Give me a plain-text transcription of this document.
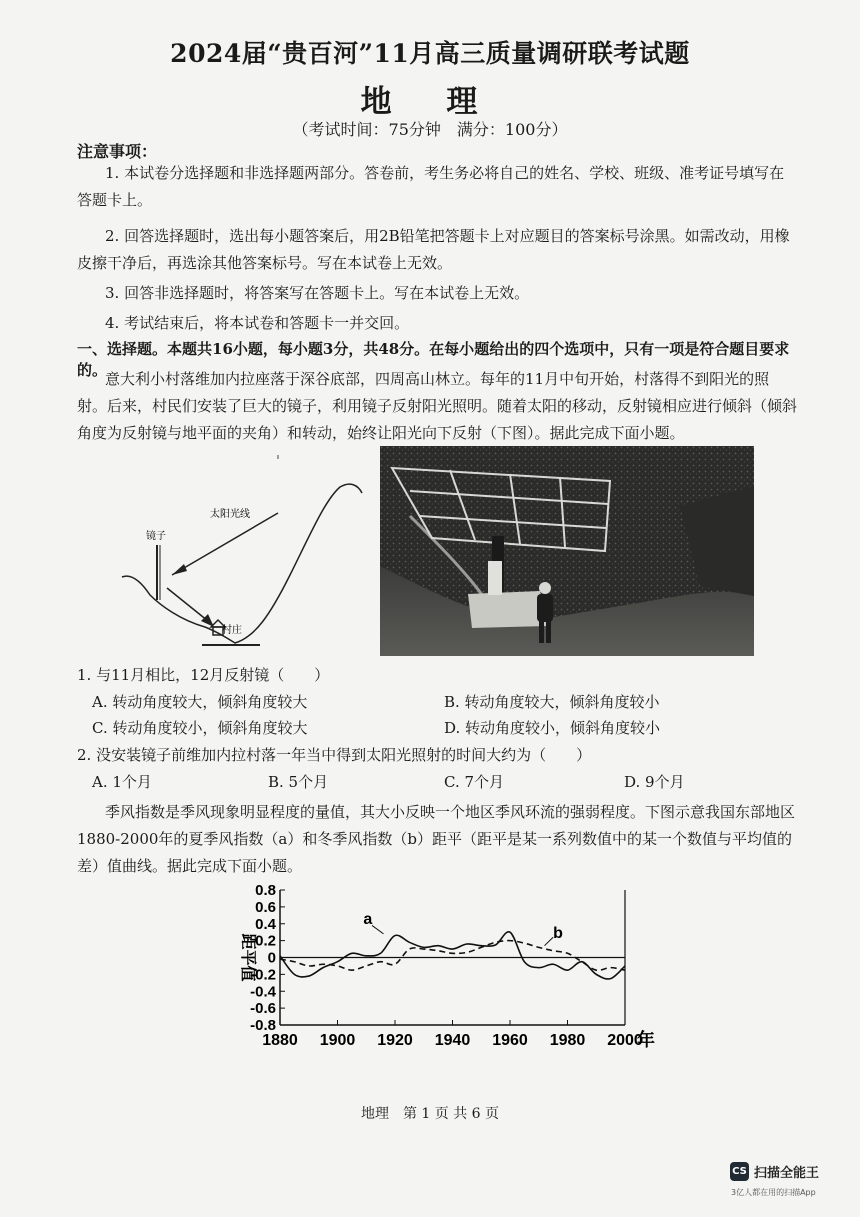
2024届“贵百河”11月高三质量调研联考试题
地 理
（考试时间：75分钟　满分：100分）
注意事项：
1. 本试卷分选择题和非选择题两部分。答卷前，考生务必将自己的姓名、学校、班级、准考证号填写在答题卡上。
2. 回答选择题时，选出每小题答案后，用2B铅笔把答题卡上对应题目的答案标号涂黑。如需改动，用橡皮擦干净后，再选涂其他答案标号。写在本试卷上无效。
3. 回答非选择题时，将答案写在答题卡上。写在本试卷上无效。
4. 考试结束后，将本试卷和答题卡一并交回。
一、选择题。本题共16小题，每小题3分，共48分。在每小题给出的四个选项中，只有一项是符合题目要求的。
意大利小村落维加内拉座落于深谷底部，四周高山林立。每年的11月中旬开始，村落得不到阳光的照射。后来，村民们安装了巨大的镜子，利用镜子反射阳光照明。随着太阳的移动，反射镜相应进行倾斜（倾斜角度为反射镜与地平面的夹角）和转动，始终让阳光向下反射（下图）。据此完成下面小题。
太阳光线
镜子
村庄
1. 与11月相比，12月反射镜（　　）
A. 转动角度较大，倾斜角度较大	B. 转动角度较大，倾斜角度较小
C. 转动角度较小，倾斜角度较大	D. 转动角度较小，倾斜角度较小
2. 没安装镜子前维加内拉村落一年当中得到太阳光照射的时间大约为（　　）
A. 1个月	B. 5个月	C. 7个月	D. 9个月
季风指数是季风现象明显程度的量值，其大小反映一个地区季风环流的强弱程度。下图示意我国东部地区1880-2000年的夏季风指数（a）和冬季风指数（b）距平（距平是某一系列数值中的某一个数值与平均值的差）值曲线。据此完成下面小题。
0.8
0.6
0.4
0.2
0
-0.2
-0.4
-0.6
-0.8
1880 1900 1920 1940 1960 1980 2000
年
距平值
a
b
地理　第 1 页 共 6 页
CS 扫描全能王
3亿人都在用的扫描App
